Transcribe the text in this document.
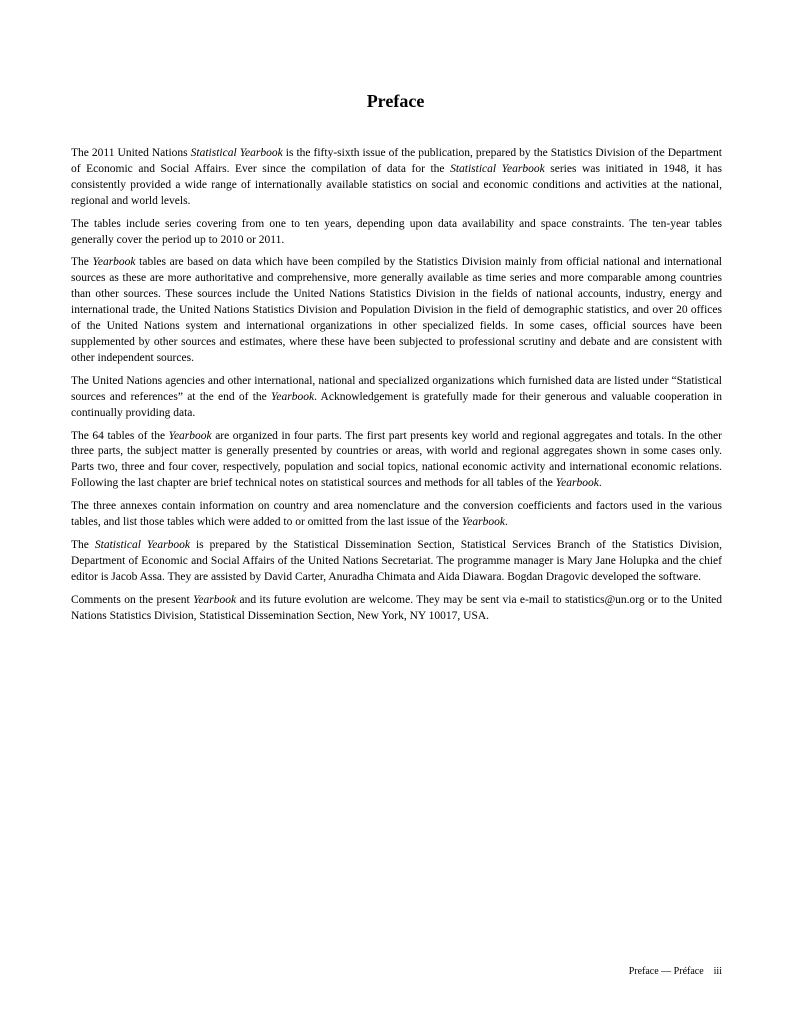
Preface

The 2011 United Nations Statistical Yearbook is the fifty-sixth issue of the publication, prepared by the Statistics Division of the Department of Economic and Social Affairs. Ever since the compilation of data for the Statistical Yearbook series was initiated in 1948, it has consistently provided a wide range of internationally available statistics on social and economic conditions and activities at the national, regional and world levels.

The tables include series covering from one to ten years, depending upon data availability and space constraints. The ten-year tables generally cover the period up to 2010 or 2011.

The Yearbook tables are based on data which have been compiled by the Statistics Division mainly from official national and international sources as these are more authoritative and comprehensive, more generally available as time series and more comparable among countries than other sources. These sources include the United Nations Statistics Division in the fields of national accounts, industry, energy and international trade, the United Nations Statistics Division and Population Division in the field of demographic statistics, and over 20 offices of the United Nations system and international organizations in other specialized fields. In some cases, official sources have been supplemented by other sources and estimates, where these have been subjected to professional scrutiny and debate and are consistent with other independent sources.

The United Nations agencies and other international, national and specialized organizations which furnished data are listed under “Statistical sources and references” at the end of the Yearbook. Acknowledgement is gratefully made for their generous and valuable cooperation in continually providing data.

The 64 tables of the Yearbook are organized in four parts. The first part presents key world and regional aggregates and totals. In the other three parts, the subject matter is generally presented by countries or areas, with world and regional aggregates shown in some cases only. Parts two, three and four cover, respectively, population and social topics, national economic activity and international economic relations. Following the last chapter are brief technical notes on statistical sources and methods for all tables of the Yearbook.

The three annexes contain information on country and area nomenclature and the conversion coefficients and factors used in the various tables, and list those tables which were added to or omitted from the last issue of the Yearbook.

The Statistical Yearbook is prepared by the Statistical Dissemination Section, Statistical Services Branch of the Statistics Division, Department of Economic and Social Affairs of the United Nations Secretariat. The programme manager is Mary Jane Holupka and the chief editor is Jacob Assa. They are assisted by David Carter, Anuradha Chimata and Aida Diawara. Bogdan Dragovic developed the software.

Comments on the present Yearbook and its future evolution are welcome. They may be sent via e-mail to statistics@un.org or to the United Nations Statistics Division, Statistical Dissemination Section, New York, NY 10017, USA.

Preface — Préface iii
